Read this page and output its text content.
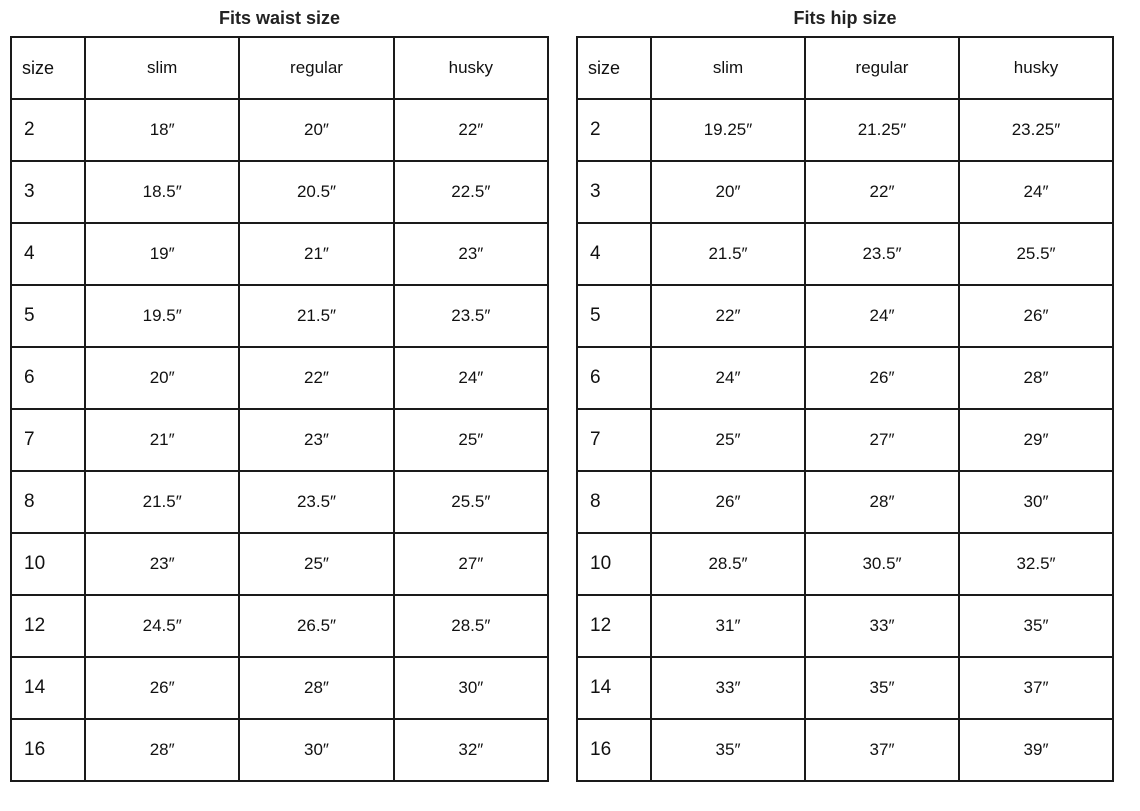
Fits waist size
size	slim	regular	husky
2	18″	20″	22″
3	18.5″	20.5″	22.5″
4	19″	21″	23″
5	19.5″	21.5″	23.5″
6	20″	22″	24″
7	21″	23″	25″
8	21.5″	23.5″	25.5″
10	23″	25″	27″
12	24.5″	26.5″	28.5″
14	26″	28″	30″
16	28″	30″	32″
Fits hip size
size	slim	regular	husky
2	19.25″	21.25″	23.25″
3	20″	22″	24″
4	21.5″	23.5″	25.5″
5	22″	24″	26″
6	24″	26″	28″
7	25″	27″	29″
8	26″	28″	30″
10	28.5″	30.5″	32.5″
12	31″	33″	35″
14	33″	35″	37″
16	35″	37″	39″
